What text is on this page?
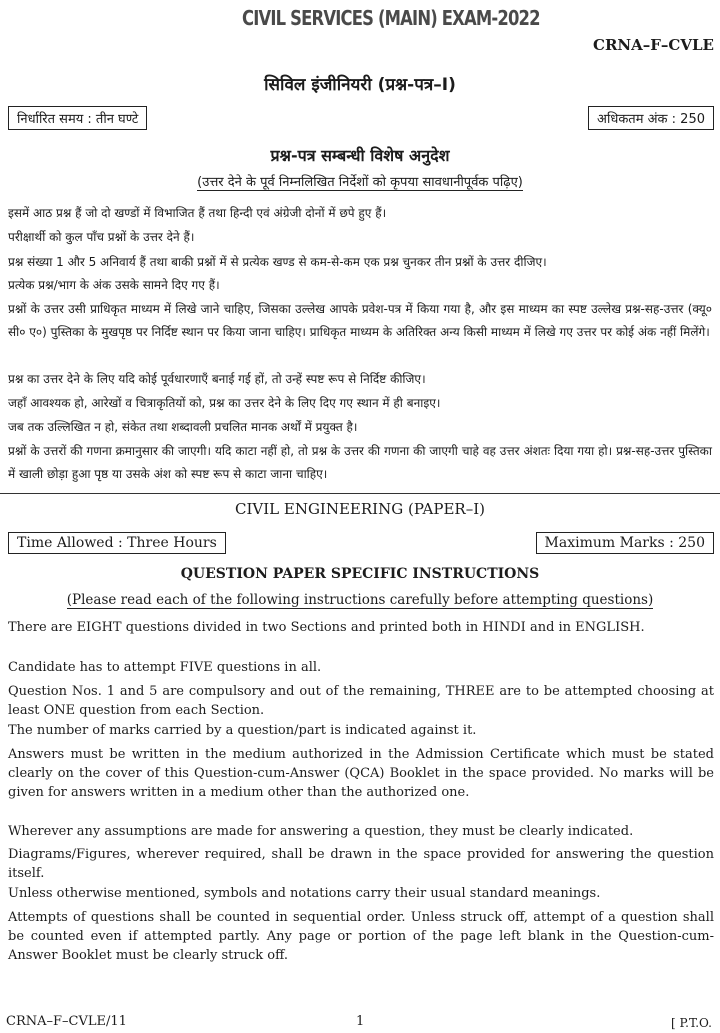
CIVIL SERVICES (MAIN) EXAM-2022
CRNA–F–CVLE
सिविल इंजीनियरी (प्रश्न-पत्र–I)
निर्धारित समय : तीन घण्टे	अधिकतम अंक : 250
प्रश्न-पत्र सम्बन्धी विशेष अनुदेश
(उत्तर देने के पूर्व निम्नलिखित निर्देशों को कृपया सावधानीपूर्वक पढ़िए)
इसमें आठ प्रश्न हैं जो दो खण्डों में विभाजित हैं तथा हिन्दी एवं अंग्रेजी दोनों में छपे हुए हैं।
परीक्षार्थी को कुल पाँच प्रश्नों के उत्तर देने हैं।
प्रश्न संख्या 1 और 5 अनिवार्य हैं तथा बाकी प्रश्नों में से प्रत्येक खण्ड से कम-से-कम एक प्रश्न चुनकर तीन प्रश्नों के उत्तर दीजिए।
प्रत्येक प्रश्न/भाग के अंक उसके सामने दिए गए हैं।
प्रश्नों के उत्तर उसी प्राधिकृत माध्यम में लिखे जाने चाहिए, जिसका उल्लेख आपके प्रवेश-पत्र में किया गया है, और इस माध्यम का स्पष्ट उल्लेख प्रश्न-सह-उत्तर (क्यू० सी० ए०) पुस्तिका के मुखपृष्ठ पर निर्दिष्ट स्थान पर किया जाना चाहिए। प्राधिकृत माध्यम के अतिरिक्त अन्य किसी माध्यम में लिखे गए उत्तर पर कोई अंक नहीं मिलेंगे।
प्रश्न का उत्तर देने के लिए यदि कोई पूर्वधारणाएँ बनाई गई हों, तो उन्हें स्पष्ट रूप से निर्दिष्ट कीजिए।
जहाँ आवश्यक हो, आरेखों व चित्राकृतियों को, प्रश्न का उत्तर देने के लिए दिए गए स्थान में ही बनाइए।
जब तक उल्लिखित न हो, संकेत तथा शब्दावली प्रचलित मानक अर्थों में प्रयुक्त है।
प्रश्नों के उत्तरों की गणना क्रमानुसार की जाएगी। यदि काटा नहीं हो, तो प्रश्न के उत्तर की गणना की जाएगी चाहे वह उत्तर अंशतः दिया गया हो। प्रश्न-सह-उत्तर पुस्तिका में खाली छोड़ा हुआ पृष्ठ या उसके अंश को स्पष्ट रूप से काटा जाना चाहिए।
CIVIL ENGINEERING (PAPER–I)
Time Allowed : Three Hours	Maximum Marks : 250
QUESTION PAPER SPECIFIC INSTRUCTIONS
(Please read each of the following instructions carefully before attempting questions)
There are EIGHT questions divided in two Sections and printed both in HINDI and in ENGLISH.
Candidate has to attempt FIVE questions in all.
Question Nos. 1 and 5 are compulsory and out of the remaining, THREE are to be attempted choosing at least ONE question from each Section.
The number of marks carried by a question/part is indicated against it.
Answers must be written in the medium authorized in the Admission Certificate which must be stated clearly on the cover of this Question-cum-Answer (QCA) Booklet in the space provided. No marks will be given for answers written in a medium other than the authorized one.
Wherever any assumptions are made for answering a question, they must be clearly indicated.
Diagrams/Figures, wherever required, shall be drawn in the space provided for answering the question itself.
Unless otherwise mentioned, symbols and notations carry their usual standard meanings.
Attempts of questions shall be counted in sequential order. Unless struck off, attempt of a question shall be counted even if attempted partly. Any page or portion of the page left blank in the Question-cum-Answer Booklet must be clearly struck off.
CRNA–F–CVLE/11	1	[ P.T.O.
